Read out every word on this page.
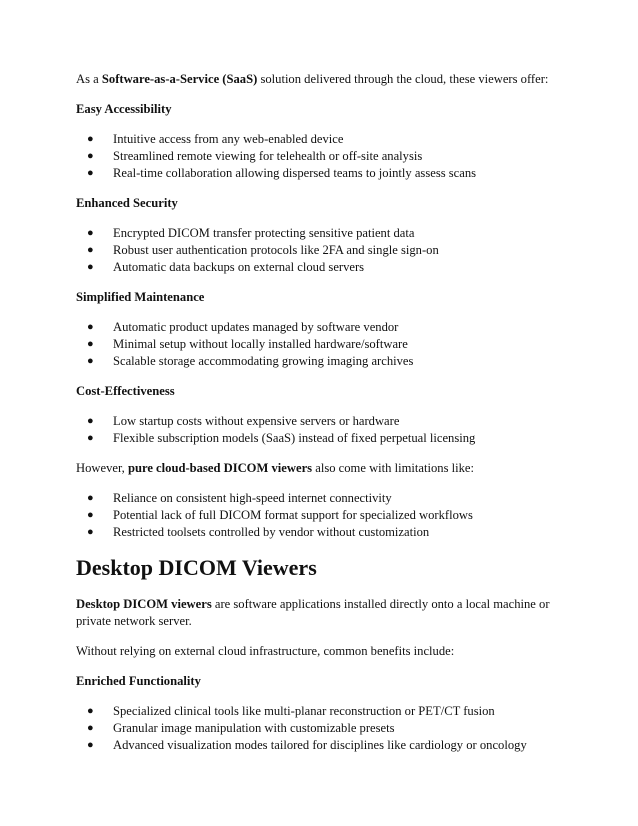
As a Software-as-a-Service (SaaS) solution delivered through the cloud, these viewers offer:

Easy Accessibility

● Intuitive access from any web-enabled device
● Streamlined remote viewing for telehealth or off-site analysis
● Real-time collaboration allowing dispersed teams to jointly assess scans

Enhanced Security

● Encrypted DICOM transfer protecting sensitive patient data
● Robust user authentication protocols like 2FA and single sign-on
● Automatic data backups on external cloud servers

Simplified Maintenance

● Automatic product updates managed by software vendor
● Minimal setup without locally installed hardware/software
● Scalable storage accommodating growing imaging archives

Cost-Effectiveness

● Low startup costs without expensive servers or hardware
● Flexible subscription models (SaaS) instead of fixed perpetual licensing

However, pure cloud-based DICOM viewers also come with limitations like:

● Reliance on consistent high-speed internet connectivity
● Potential lack of full DICOM format support for specialized workflows
● Restricted toolsets controlled by vendor without customization
Desktop DICOM Viewers

Desktop DICOM viewers are software applications installed directly onto a local machine or private network server.

Without relying on external cloud infrastructure, common benefits include:

Enriched Functionality

● Specialized clinical tools like multi-planar reconstruction or PET/CT fusion
● Granular image manipulation with customizable presets
● Advanced visualization modes tailored for disciplines like cardiology or oncology
